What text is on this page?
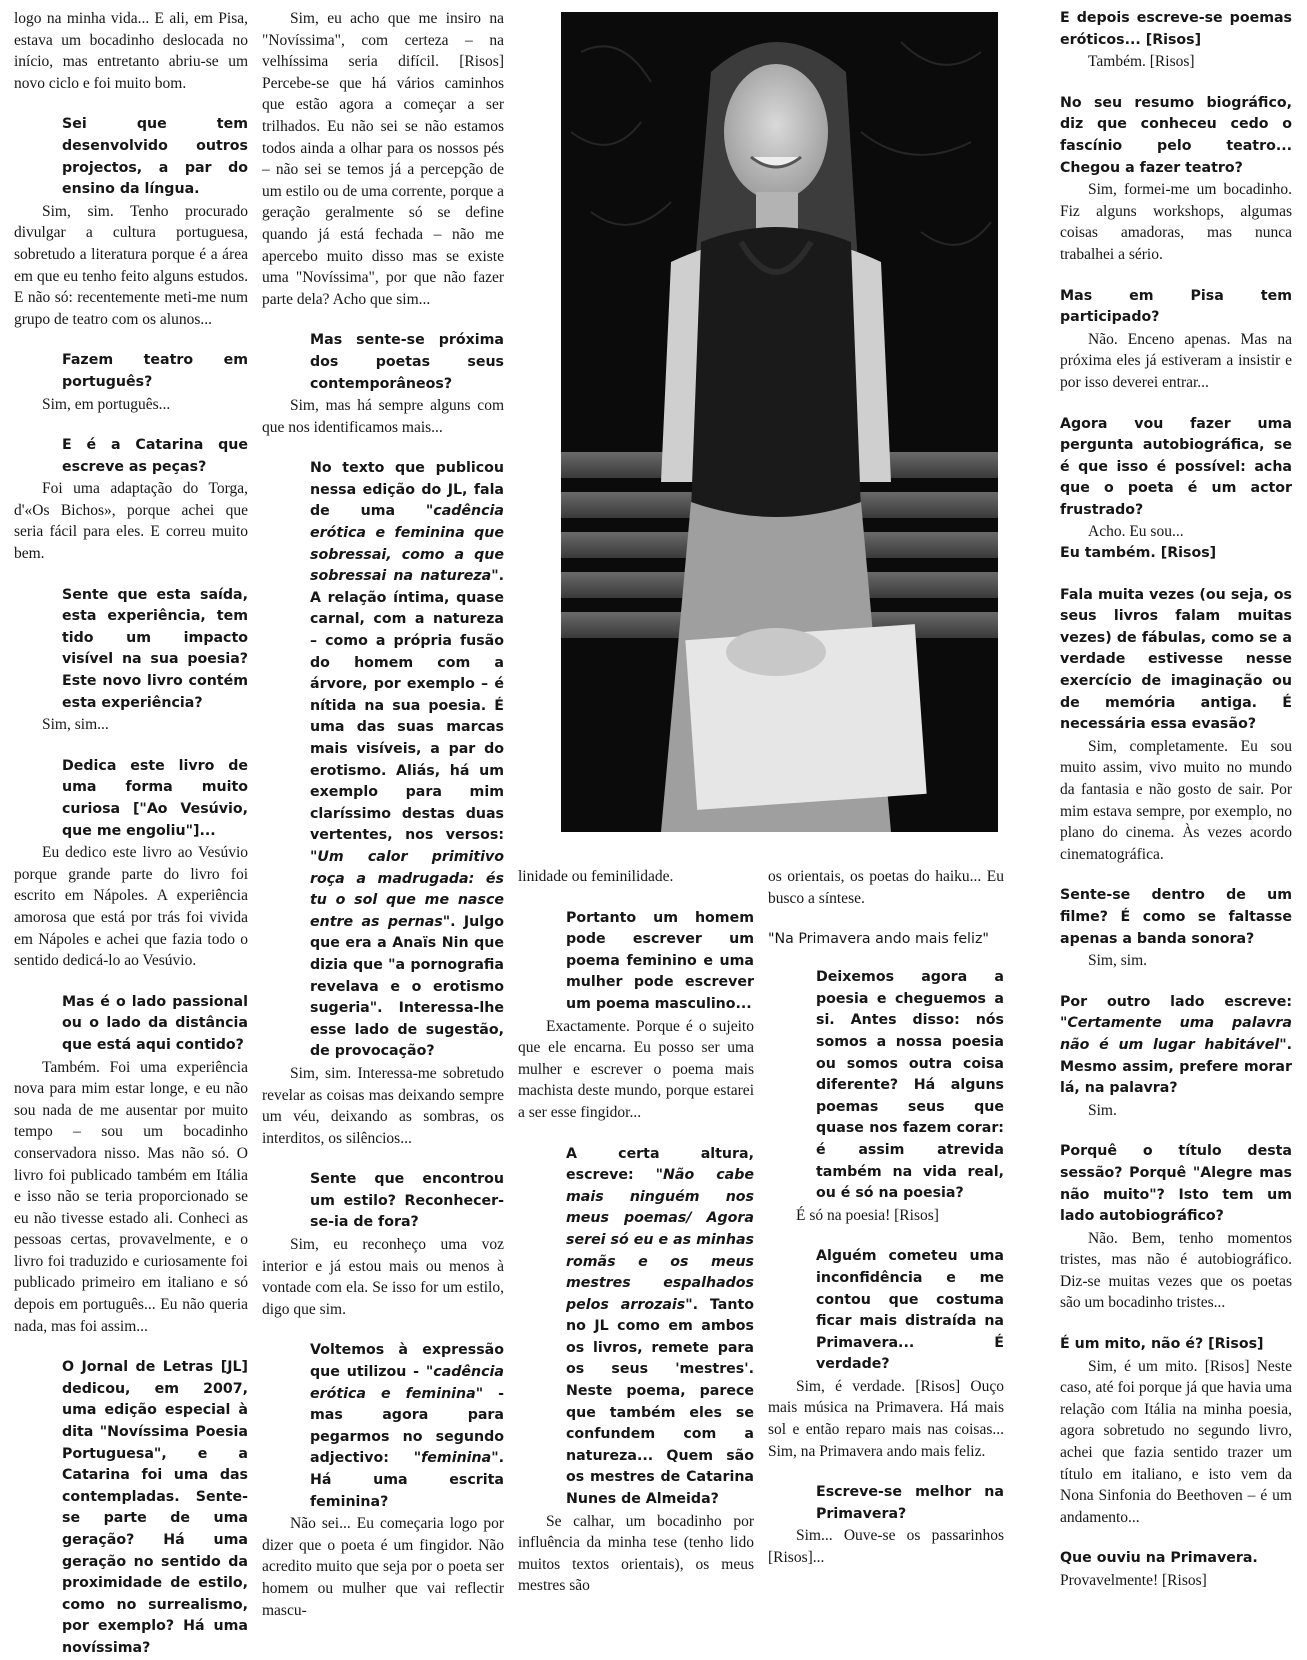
logo na minha vida... E ali, em Pisa, estava um bocadinho deslocada no início, mas entretanto abriu-se um novo ciclo e foi muito bom.

Sei que tem desenvolvido outros projectos, a par do ensino da língua.

Sim, sim. Tenho procurado divulgar a cultura portuguesa, sobretudo a literatura porque é a área em que eu tenho feito alguns estudos. E não só: recentemente meti-me num grupo de teatro com os alunos...

Fazem teatro em português?

Sim, em português...

E é a Catarina que escreve as peças?

Foi uma adaptação do Torga, d'«Os Bichos», porque achei que seria fácil para eles. E correu muito bem.

Sente que esta saída, esta experiência, tem tido um impacto visível na sua poesia? Este novo livro contém esta experiência?

Sim, sim...

Dedica este livro de uma forma muito curiosa ["Ao Vesúvio, que me engoliu"]...

Eu dedico este livro ao Vesúvio porque grande parte do livro foi escrito em Nápoles. A experiência amorosa que está por trás foi vivida em Nápoles e achei que fazia todo o sentido dedicá-lo ao Vesúvio.

Mas é o lado passional ou o lado da distância que está aqui contido?

Também. Foi uma experiência nova para mim estar longe, e eu não sou nada de me ausentar por muito tempo – sou um bocadinho conservadora nisso. Mas não só. O livro foi publicado também em Itália e isso não se teria proporcionado se eu não tivesse estado ali. Conheci as pessoas certas, provavelmente, e o livro foi traduzido e curiosamente foi publicado primeiro em italiano e só depois em português... Eu não queria nada, mas foi assim...

O Jornal de Letras [JL] dedicou, em 2007, uma edição especial à dita "Novíssima Poesia Portuguesa", e a Catarina foi uma das contempladas. Sente-se parte de uma geração? Há uma geração no sentido da proximidade de estilo, como no surrealismo, por exemplo? Há uma novíssima?

Sim, eu acho que me insiro na "Novíssima", com certeza – na velhíssima seria difícil. [Risos] Percebe-se que há vários caminhos que estão agora a começar a ser trilhados. Eu não sei se não estamos todos ainda a olhar para os nossos pés – não sei se temos já a percepção de um estilo ou de uma corrente, porque a geração geralmente só se define quando já está fechada – não me apercebo muito disso mas se existe uma "Novíssima", por que não fazer parte dela? Acho que sim...

Mas sente-se próxima dos poetas seus contemporâneos?

Sim, mas há sempre alguns com que nos identificamos mais...

No texto que publicou nessa edição do JL, fala de uma "cadência erótica e feminina que sobressai, como a que sobressai na natureza". A relação íntima, quase carnal, com a natureza – como a própria fusão do homem com a árvore, por exemplo – é nítida na sua poesia. É uma das suas marcas mais visíveis, a par do erotismo. Aliás, há um exemplo para mim claríssimo destas duas vertentes, nos versos: "Um calor primitivo roça a madrugada: és tu o sol que me nasce entre as pernas". Julgo que era a Anaïs Nin que dizia que "a pornografia revelava e o erotismo sugeria". Interessa-lhe esse lado de sugestão, de provocação?

Sim, sim. Interessa-me sobretudo revelar as coisas mas deixando sempre um véu, deixando as sombras, os interditos, os silêncios...

Sente que encontrou um estilo? Reconhecer-se-ia de fora?

Sim, eu reconheço uma voz interior e já estou mais ou menos à vontade com ela. Se isso for um estilo, digo que sim.

Voltemos à expressão que utilizou - "cadência erótica e feminina" - mas agora para pegarmos no segundo adjectivo: "feminina". Há uma escrita feminina?

Não sei... Eu começaria logo por dizer que o poeta é um fingidor. Não acredito muito que seja por o poeta ser homem ou mulher que vai reflectir mascu-

linidade ou feminilidade.

Portanto um homem pode escrever um poema feminino e uma mulher pode escrever um poema masculino...

Exactamente. Porque é o sujeito que ele encarna. Eu posso ser uma mulher e escrever o poema mais machista deste mundo, porque estarei a ser esse fingidor...

A certa altura, escreve: "Não cabe mais ninguém nos meus poemas/ Agora serei só eu e as minhas romãs e os meus mestres espalhados pelos arrozais". Tanto no JL como em ambos os livros, remete para os seus 'mestres'. Neste poema, parece que também eles se confundem com a natureza... Quem são os mestres de Catarina Nunes de Almeida?

Se calhar, um bocadinho por influência da minha tese (tenho lido muitos textos orientais), os meus mestres são

os orientais, os poetas do haiku... Eu busco a síntese.

"Na Primavera ando mais feliz"

Deixemos agora a poesia e cheguemos a si. Antes disso: nós somos a nossa poesia ou somos outra coisa diferente? Há alguns poemas seus que quase nos fazem corar: é assim atrevida também na vida real, ou é só na poesia?

É só na poesia! [Risos]

Alguém cometeu uma inconfidência e me contou que costuma ficar mais distraída na Primavera... É verdade?

Sim, é verdade. [Risos] Ouço mais música na Primavera. Há mais sol e então reparo mais nas coisas... Sim, na Primavera ando mais feliz.

Escreve-se melhor na Primavera?

Sim... Ouve-se os passarinhos [Risos]...

E depois escreve-se poemas eróticos... [Risos]

Também. [Risos]

No seu resumo biográfico, diz que conheceu cedo o fascínio pelo teatro... Chegou a fazer teatro?

Sim, formei-me um bocadinho. Fiz alguns workshops, algumas coisas amadoras, mas nunca trabalhei a sério.

Mas em Pisa tem participado?

Não. Enceno apenas. Mas na próxima eles já estiveram a insistir e por isso deverei entrar...

Agora vou fazer uma pergunta autobiográfica, se é que isso é possível: acha que o poeta é um actor frustrado?

Acho. Eu sou...

Eu também. [Risos]

Fala muita vezes (ou seja, os seus livros falam muitas vezes) de fábulas, como se a verdade estivesse nesse exercício de imaginação ou de memória antiga. É necessária essa evasão?

Sim, completamente. Eu sou muito assim, vivo muito no mundo da fantasia e não gosto de sair. Por mim estava sempre, por exemplo, no plano do cinema. Às vezes acordo cinematográfica.

Sente-se dentro de um filme? É como se faltasse apenas a banda sonora?

Sim, sim.

Por outro lado escreve: "Certamente uma palavra não é um lugar habitável". Mesmo assim, prefere morar lá, na palavra?

Sim.

Porquê o título desta sessão? Porquê "Alegre mas não muito"? Isto tem um lado autobiográfico?

Não. Bem, tenho momentos tristes, mas não é autobiográfico. Diz-se muitas vezes que os poetas são um bocadinho tristes...

É um mito, não é? [Risos]

Sim, é um mito. [Risos] Neste caso, até foi porque já que havia uma relação com Itália na minha poesia, agora sobretudo no segundo livro, achei que fazia sentido trazer um título em italiano, e isto vem da Nona Sinfonia do Beethoven – é um andamento...

Que ouviu na Primavera.

Provavelmente! [Risos]
